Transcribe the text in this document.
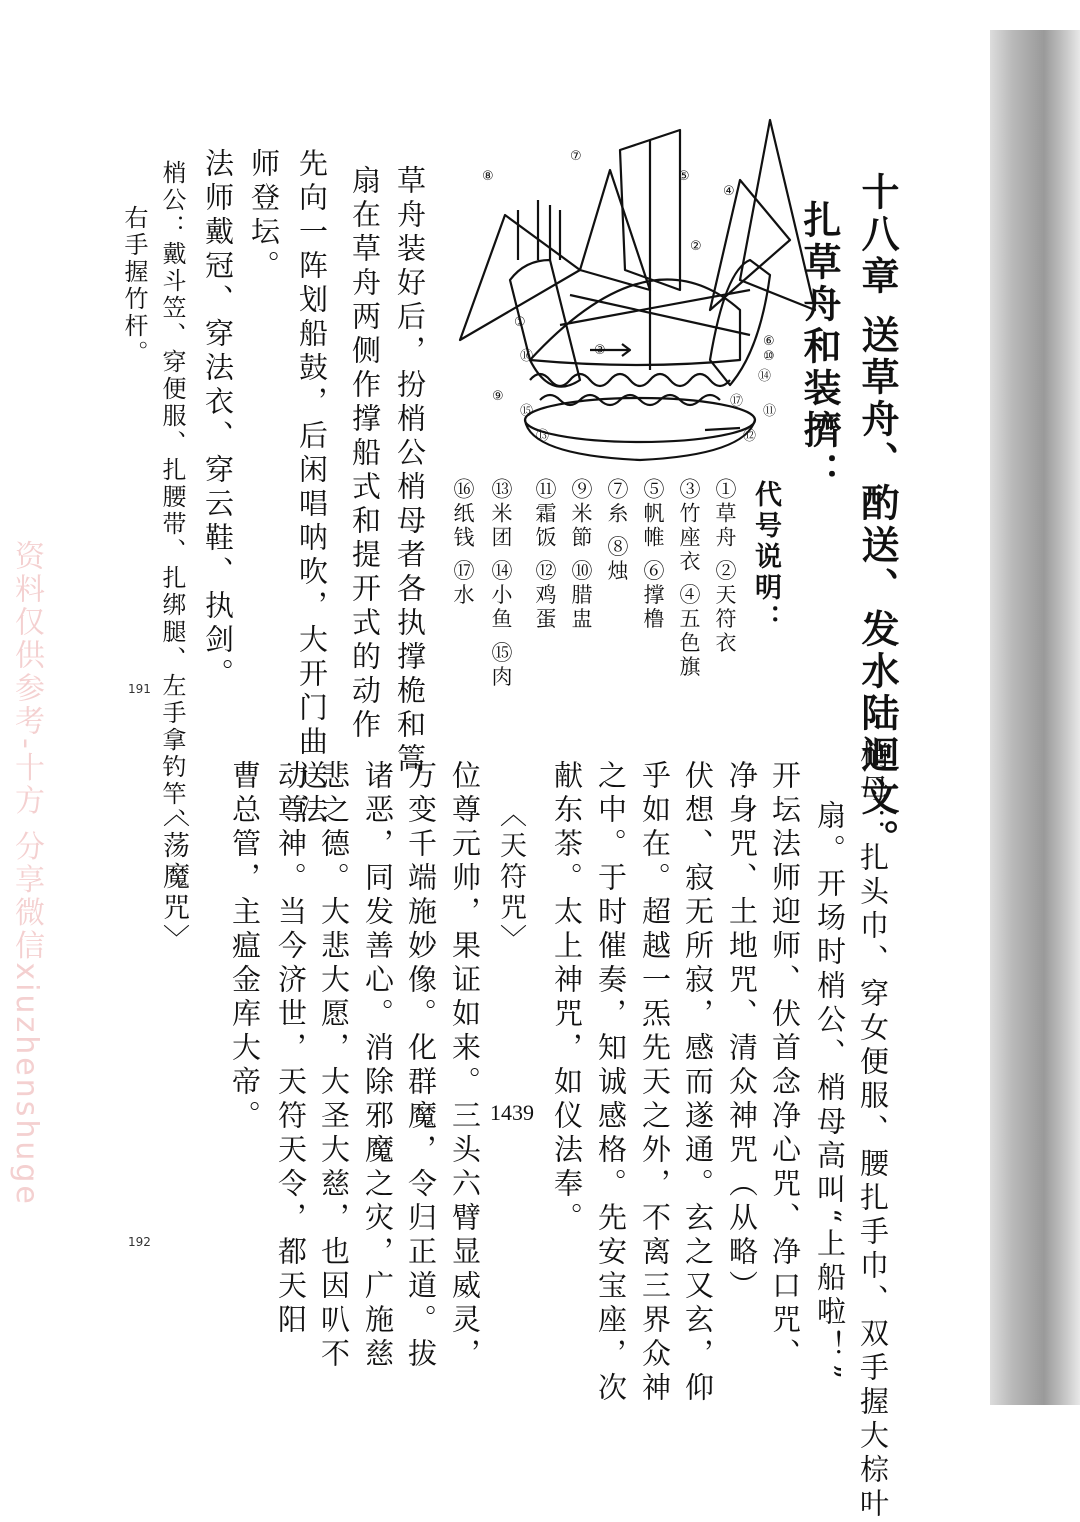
资料仅供参考-十方 分享微信xiuzhenshuge
十八章 送草舟、酌送、发水陆迴文。
扎草舟和装擠：
代号说明：
①草舟 ②天符衣
③竹座衣 ④五色旗
⑤帆帷 ⑥撑橹
⑦糸 ⑧烛
⑨米節 ⑩腊盅
⑪霜饭 ⑫鸡蛋
⑬米团 ⑭小鱼 ⑮肉
⑯纸钱 ⑰水
①
②
③
④
⑤
⑥
⑦
⑧
⑨
⑩
⑪
⑫
⑬
⑭
⑮
⑯
⑰
草舟装好后，扮梢公梢母者各执撑桅和篙
扇在草舟两侧作撑船式和提开式的动作
先向一阵划船鼓，后闲唱呐吹，大开门曲送法
师登坛。
法师戴冠、穿法衣、穿云鞋、执剑。
梢公：戴斗笠、穿便服、扎腰带、扎绑腿、左手拿钓竿、
右手握竹杆。
191
梢母：扎头巾、穿女便服、腰扎手巾、双手握大棕叶
扇。开场时梢公、梢母高叫“上船啦！”
开坛法师迎师、伏首念净心咒、净口咒、
净身咒、土地咒、清众神咒（从略）
伏想、寂无所寂，感而遂通。玄之又玄，仰
乎如在。超越一炁先天之外，不离三界众神
之中。于时催奏，知诚感格。先安宝座，次
献东茶。太上神咒，如仪法奉。
〈天符咒〉
位尊元帅，果证如来。三头六臂显威灵，
万变千端施妙像。化群魔，令归正道。拔
诸恶，同发善心。消除邪魔之灾，广施慈
悲之德。大悲大愿，大圣大慈，也因叭不
动尊神。当今济世，天符天令，都天阳
曹总管，主瘟金库大帝。
〈荡魔咒〉
192
1439
